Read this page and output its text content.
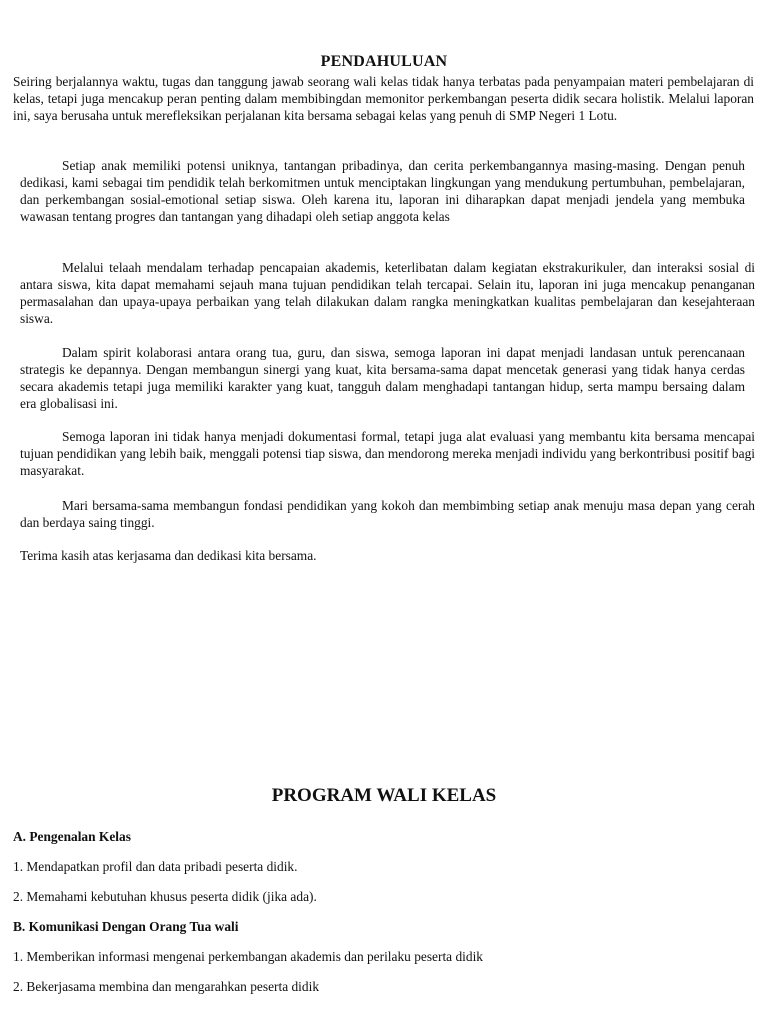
PENDAHULUAN

Seiring berjalannya waktu, tugas dan tanggung jawab seorang wali kelas tidak hanya terbatas pada penyampaian materi pembelajaran di kelas, tetapi juga mencakup peran penting dalam membibingdan memonitor perkembangan peserta didik secara holistik. Melalui laporan ini, saya berusaha untuk merefleksikan perjalanan kita bersama sebagai kelas yang penuh di SMP Negeri 1 Lotu.

Setiap anak memiliki potensi uniknya, tantangan pribadinya, dan cerita perkembangannya masing-masing. Dengan penuh dedikasi, kami sebagai tim pendidik telah berkomitmen untuk menciptakan lingkungan yang mendukung pertumbuhan, pembelajaran, dan perkembangan sosial-emotional setiap siswa. Oleh karena itu, laporan ini diharapkan dapat menjadi jendela yang membuka wawasan tentang progres dan tantangan yang dihadapi oleh setiap anggota kelas

Melalui telaah mendalam terhadap pencapaian akademis, keterlibatan dalam kegiatan ekstrakurikuler, dan interaksi sosial di antara siswa, kita dapat memahami sejauh mana tujuan pendidikan telah tercapai. Selain itu, laporan ini juga mencakup penanganan permasalahan dan upaya-upaya perbaikan yang telah dilakukan dalam rangka meningkatkan kualitas pembelajaran dan kesejahteraan siswa.

Dalam spirit kolaborasi antara orang tua, guru, dan siswa, semoga laporan ini dapat menjadi landasan untuk perencanaan strategis ke depannya. Dengan membangun sinergi yang kuat, kita bersama-sama dapat mencetak generasi yang tidak hanya cerdas secara akademis tetapi juga memiliki karakter yang kuat, tangguh dalam menghadapi tantangan hidup, serta mampu bersaing dalam era globalisasi ini.

Semoga laporan ini tidak hanya menjadi dokumentasi formal, tetapi juga alat evaluasi yang membantu kita bersama mencapai tujuan pendidikan yang lebih baik, menggali potensi tiap siswa, dan mendorong mereka menjadi individu yang berkontribusi positif bagi masyarakat.

Mari bersama-sama membangun fondasi pendidikan yang kokoh dan membimbing setiap anak menuju masa depan yang cerah dan berdaya saing tinggi.

Terima kasih atas kerjasama dan dedikasi kita bersama.

PROGRAM WALI KELAS

A. Pengenalan Kelas

1. Mendapatkan profil dan data pribadi peserta didik.

2. Memahami kebutuhan khusus peserta didik (jika ada).

B. Komunikasi Dengan Orang Tua wali

1. Memberikan informasi mengenai perkembangan akademis dan perilaku peserta didik

2. Bekerjasama membina dan mengarahkan peserta didik
